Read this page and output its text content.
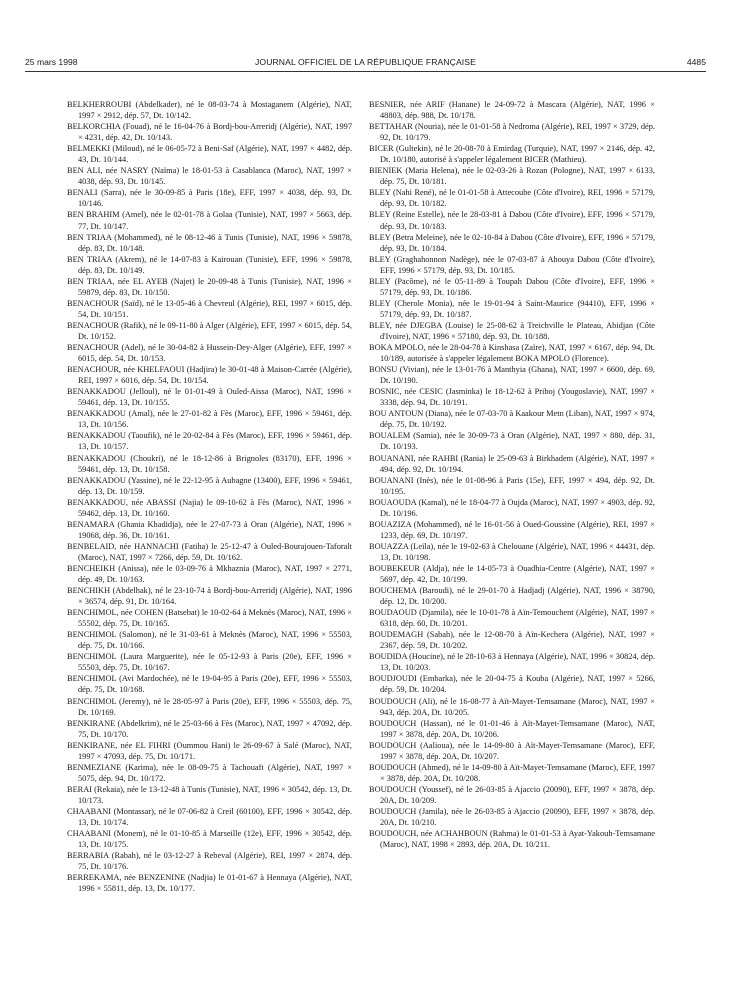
25 mars 1998	JOURNAL OFFICIEL DE LA RÉPUBLIQUE FRANÇAISE	4485

BELKHERROUBI (Abdelkader), né le 08-03-74 à Mostaganem (Algérie), NAT, 1997 × 2912, dép. 57, Dt. 10/142.

BELKORCHIA (Fouad), né le 16-04-76 à Bordj-bou-Arreridj (Algérie), NAT, 1997 × 4231, dép. 42, Dt. 10/143.

BELMEKKI (Miloud), né le 06-05-72 à Beni-Saf (Algérie), NAT, 1997 × 4482, dép. 43, Dt. 10/144.

BEN ALI, née NASRY (Naïma) le 18-01-53 à Casablanca (Maroc), NAT, 1997 × 4038, dép. 93, Dt. 10/145.

BENALI (Sarra), née le 30-09-85 à Paris (18e), EFF, 1997 × 4038, dép. 93, Dt. 10/146.

BEN BRAHIM (Amel), née le 02-01-78 à Golaa (Tunisie), NAT, 1997 × 5663, dép. 77, Dt. 10/147.

BEN TRIAA (Mohammed), né le 08-12-46 à Tunis (Tunisie), NAT, 1996 × 59878, dép. 83, Dt. 10/148.

BEN TRIAA (Akrem), né le 14-07-83 à Kairouan (Tunisie), EFF, 1996 × 59878, dép. 83, Dt. 10/149.

BEN TRIAA, née EL AYEB (Najet) le 20-09-48 à Tunis (Tunisie), NAT, 1996 × 59879, dép. 83, Dt. 10/150.

BENACHOUR (Saïd), né le 13-05-46 à Chevreul (Algérie), REI, 1997 × 6015, dép. 54, Dt. 10/151.

BENACHOUR (Rafik), né le 09-11-80 à Alger (Algérie), EFF, 1997 × 6015, dép. 54, Dt. 10/152.

BENACHOUR (Adel), né le 30-04-82 à Hussein-Dey-Alger (Algérie), EFF, 1997 × 6015, dép. 54, Dt. 10/153.

BENACHOUR, née KHELFAOUI (Hadjira) le 30-01-48 à Maison-Carrée (Algérie), REI, 1997 × 6016, dép. 54, Dt. 10/154.

BENAKKADOU (Jelloul), né le 01-01-49 à Ouled-Aissa (Maroc), NAT, 1996 × 59461, dép. 13, Dt. 10/155.

BENAKKADOU (Amal), née le 27-01-82 à Fès (Maroc), EFF, 1996 × 59461, dép. 13, Dt. 10/156.

BENAKKADOU (Taoufik), né le 20-02-84 à Fès (Maroc), EFF, 1996 × 59461, dép. 13, Dt. 10/157.

BENAKKADOU (Choukri), né le 18-12-86 à Brignoles (83170), EFF, 1996 × 59461, dép. 13, Dt. 10/158.

BENAKKADOU (Yassine), né le 22-12-95 à Aubagne (13400), EFF, 1996 × 59461, dép. 13, Dt. 10/159.

BENAKKADOU, née ABASSI (Najia) le 09-10-62 à Fès (Maroc), NAT, 1996 × 59462, dép. 13, Dt. 10/160.

BENAMARA (Ghania Khadidja), née le 27-07-73 à Oran (Algérie), NAT, 1996 × 19068, dép. 36, Dt. 10/161.

BENBELAID, née HANNACHI (Fatiha) le 25-12-47 à Ouled-Bourajouen-Taforalt (Maroc), NAT, 1997 × 7266, dép. 59, Dt. 10/162.

BENCHEIKH (Anissa), née le 03-09-76 à Mkhaznia (Maroc), NAT, 1997 × 2771, dép. 49, Dt. 10/163.

BENCHIKH (Abdelhak), né le 23-10-74 à Bordj-bou-Arreridj (Algérie), NAT, 1996 × 36574, dép. 91, Dt. 10/164.

BENCHIMOL, née COHEN (Batsebat) le 10-02-64 à Meknès (Maroc), NAT, 1996 × 55502, dép. 75, Dt. 10/165.

BENCHIMOL (Salomon), né le 31-03-61 à Meknès (Maroc), NAT, 1996 × 55503, dép. 75, Dt. 10/166.

BENCHIMOL (Laura Marguerite), née le 05-12-93 à Paris (20e), EFF, 1996 × 55503, dép. 75, Dt. 10/167.

BENCHIMOL (Avi Mardochée), né le 19-04-95 à Paris (20e), EFF, 1996 × 55503, dép. 75, Dt. 10/168.

BENCHIMOL (Jeremy), né le 28-05-97 à Paris (20e), EFF, 1996 × 55503, dép. 75, Dt. 10/169.

BENKIRANE (Abdelkrim), né le 25-03-66 à Fès (Maroc), NAT, 1997 × 47092, dép. 75, Dt. 10/170.

BENKIRANE, née EL FIHRI (Oummou Hani) le 26-09-67 à Salé (Maroc), NAT, 1997 × 47093, dép. 75, Dt. 10/171.

BENMEZIANE (Karima), née le 08-09-75 à Tachouaft (Algérie), NAT, 1997 × 5075, dép. 94, Dt. 10/172.

BERAI (Rekaia), née le 13-12-48 à Tunis (Tunisie), NAT, 1996 × 30542, dép. 13, Dt. 10/173.

CHAABANI (Montassar), né le 07-06-82 à Creil (60100), EFF, 1996 × 30542, dép. 13, Dt. 10/174.

CHAABANI (Monem), né le 01-10-85 à Marseille (12e), EFF, 1996 × 30542, dép. 13, Dt. 10/175.

BERRABIA (Rabah), né le 03-12-27 à Rebeval (Algérie), REI, 1997 × 2874, dép. 75, Dt. 10/176.

BERREKAMA, née BENZENINE (Nadjia) le 01-01-67 à Hennaya (Algérie), NAT, 1996 × 55811, dép. 13, Dt. 10/177.

BESNIER, née ARIF (Hanane) le 24-09-72 à Mascara (Algérie), NAT, 1996 × 48803, dép. 988, Dt. 10/178.

BETTAHAR (Nouria), née le 01-01-58 à Nedroma (Algérie), REI, 1997 × 3729, dép. 92, Dt. 10/179.

BICER (Gultekin), né le 20-08-70 à Emirdag (Turquie), NAT, 1997 × 2146, dép. 42, Dt. 10/180, autorisé à s'appeler légalement BICER (Mathieu).

BIENIEK (Maria Helena), née le 02-03-26 à Rozan (Pologne), NAT, 1997 × 6133, dép. 75, Dt. 10/181.

BLEY (Nahi René), né le 01-01-58 à Attecoube (Côte d'Ivoire), REI, 1996 × 57179, dép. 93, Dt. 10/182.

BLEY (Reine Estelle), née le 28-03-81 à Dabou (Côte d'Ivoire), EFF, 1996 × 57179, dép. 93, Dt. 10/183.

BLEY (Betra Meleine), née le 02-10-84 à Dabou (Côte d'Ivoire), EFF, 1996 × 57179, dép. 93, Dt. 10/184.

BLEY (Graghahonnon Nadège), née le 07-03-87 à Ahouya Dabou (Côte d'Ivoire), EFF, 1996 × 57179, dép. 93, Dt. 10/185.

BLEY (Pacôme), né le 05-11-89 à Toupah Dabou (Côte d'Ivoire), EFF, 1996 × 57179, dép. 93, Dt. 10/186.

BLEY (Cherole Monia), née le 19-01-94 à Saint-Maurice (94410), EFF, 1996 × 57179, dép. 93, Dt. 10/187.

BLEY, née DJEGBA (Louise) le 25-08-62 à Treichville le Plateau, Abidjan (Côte d'Ivoire), NAT, 1996 × 57180, dép. 93, Dt. 10/188.

BOKA MPOLO, née le 28-04-78 à Kinshasa (Zaïre), NAT, 1997 × 6167, dép. 94, Dt. 10/189, autorisée à s'appeler légalement BOKA MPOLO (Florence).

BONSU (Vivian), née le 13-01-76 à Manthyia (Ghana), NAT, 1997 × 6600, dép. 69, Dt. 10/190.

BOSNIC, née CESIC (Jasminka) le 18-12-62 à Priboj (Yougoslavie), NAT, 1997 × 3338, dép. 94, Dt. 10/191.

BOU ANTOUN (Diana), née le 07-03-70 à Kaakour Metn (Liban), NAT, 1997 × 974, dép. 75, Dt. 10/192.

BOUALEM (Samia), née le 30-09-73 à Oran (Algérie), NAT, 1997 × 880, dép. 31, Dt. 10/193.

BOUANANI, née RAHBI (Rania) le 25-09-63 à Birkhadem (Algérie), NAT, 1997 × 494, dép. 92, Dt. 10/194.

BOUANANI (Inès), née le 01-08-96 à Paris (15e), EFF, 1997 × 494, dép. 92, Dt. 10/195.

BOUAOUDA (Kamal), né le 18-04-77 à Oujda (Maroc), NAT, 1997 × 4903, dép. 92, Dt. 10/196.

BOUAZIZA (Mohammed), né le 16-01-56 à Oued-Goussine (Algérie), REI, 1997 × 1233, dép. 69, Dt. 10/197.

BOUAZZA (Leïla), née le 19-02-63 à Chelouane (Algérie), NAT, 1996 × 44431, dép. 13, Dt. 10/198.

BOUBEKEUR (Aldja), née le 14-05-73 à Ouadhia-Centre (Algérie), NAT, 1997 × 5697, dép. 42, Dt. 10/199.

BOUCHEMA (Baroudi), né le 29-01-70 à Hadjadj (Algérie), NAT, 1996 × 38790, dép. 12, Dt. 10/200.

BOUDAOUD (Djamila), née le 10-01-78 à Aïn-Temouchent (Algérie), NAT, 1997 × 6318, dép. 60, Dt. 10/201.

BOUDEMAGH (Sabah), née le 12-08-70 à Aïn-Kechera (Algérie), NAT, 1997 × 2367, dép. 59, Dt. 10/202.

BOUDIDA (Houcine), né le 28-10-63 à Hennaya (Algérie), NAT, 1996 × 30824, dép. 13, Dt. 10/203.

BOUDJOUDI (Embarka), née le 20-04-75 à Kouba (Algérie), NAT, 1997 × 5266, dép. 59, Dt. 10/204.

BOUDOUCH (Ali), né le 16-08-77 à Aït-Mayet-Temsamane (Maroc), NAT, 1997 × 943, dép. 20A, Dt. 10/205.

BOUDOUCH (Hassan), né le 01-01-46 à Aït-Mayet-Temsamane (Maroc), NAT, 1997 × 3878, dép. 20A, Dt. 10/206.

BOUDOUCH (Aalioua), née le 14-09-80 à Aït-Mayet-Temsamane (Maroc), EFF, 1997 × 3878, dép. 20A, Dt. 10/207.

BOUDOUCH (Ahmed), né le 14-09-80 à Aït-Mayet-Temsamane (Maroc), EFF, 1997 × 3878, dép. 20A, Dt. 10/208.

BOUDOUCH (Youssef), né le 26-03-85 à Ajaccio (20090), EFF, 1997 × 3878, dép. 20A, Dt. 10/209.

BOUDOUCH (Jamila), née le 26-03-85 à Ajaccio (20090), EFF, 1997 × 3878, dép. 20A, Dt. 10/210.

BOUDOUCH, née ACHAHBOUN (Rahma) le 01-01-53 à Ayat-Yakouh-Temsamane (Maroc), NAT, 1998 × 2893, dép. 20A, Dt. 10/211.
